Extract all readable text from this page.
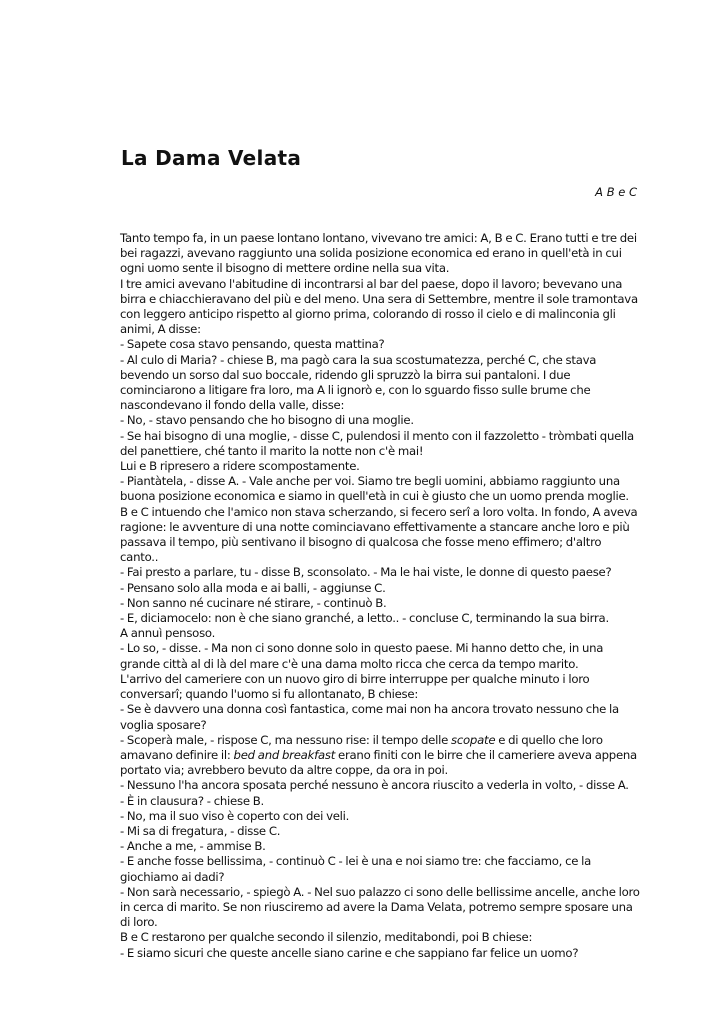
La Dama Velata
A B e C

Tanto tempo fa, in un paese lontano lontano, vivevano tre amici: A, B e C. Erano tutti e tre dei bei ragazzi, avevano raggiunto una solida posizione economica ed erano in quell'età in cui ogni uomo sente il bisogno di mettere ordine nella sua vita.

I tre amici avevano l'abitudine di incontrarsi al bar del paese, dopo il lavoro; bevevano una birra e chiacchieravano del più e del meno. Una sera di Settembre, mentre il sole tramontava con leggero anticipo rispetto al giorno prima, colorando di rosso il cielo e di malinconia gli animi, A disse:

- Sapete cosa stavo pensando, questa mattina?

- Al culo di Maria? - chiese B, ma pagò cara la sua scostumatezza, perché C, che stava bevendo un sorso dal suo boccale, ridendo gli spruzzò la birra sui pantaloni. I due cominciarono a litigare fra loro, ma A li ignorò e, con lo sguardo fisso sulle brume che nascondevano il fondo della valle, disse:

- No, - stavo pensando che ho bisogno di una moglie.

- Se hai bisogno di una moglie, - disse C, pulendosi il mento con il fazzoletto - tròmbati quella del panettiere, ché tanto il marito la notte non c'è mai!

Lui e B ripresero a ridere scompostamente.

- Piantàtela, - disse A. - Vale anche per voi. Siamo tre begli uomini, abbiamo raggiunto una buona posizione economica e siamo in quell'età in cui è giusto che un uomo prenda moglie.

B e C intuendo che l'amico non stava scherzando, si fecero serî a loro volta. In fondo, A aveva ragione: le avventure di una notte cominciavano effettivamente a stancare anche loro e più passava il tempo, più sentivano il bisogno di qualcosa che fosse meno effimero; d'altro canto..

- Fai presto a parlare, tu - disse B, sconsolato. - Ma le hai viste, le donne di questo paese?

- Pensano solo alla moda e ai balli, - aggiunse C.

- Non sanno né cucinare né stirare, - continuò B.

- E, diciamocelo: non è che siano granché, a letto.. - concluse C, terminando la sua birra.

A annuì pensoso.

- Lo so, - disse. - Ma non ci sono donne solo in questo paese. Mi hanno detto che, in una grande città al di là del mare c'è una dama molto ricca che cerca da tempo marito.

L'arrivo del cameriere con un nuovo giro di birre interruppe per qualche minuto i loro conversarî; quando l'uomo si fu allontanato, B chiese:

- Se è davvero una donna così fantastica, come mai non ha ancora trovato nessuno che la voglia sposare?

- Scoperà male, - rispose C, ma nessuno rise: il tempo delle scopate e di quello che loro amavano definire il: bed and breakfast erano finiti con le birre che il cameriere aveva appena portato via; avrebbero bevuto da altre coppe, da ora in poi.

- Nessuno l'ha ancora sposata perché nessuno è ancora riuscito a vederla in volto, - disse A.

- È in clausura? - chiese B.

- No, ma il suo viso è coperto con dei veli.

- Mi sa di fregatura, - disse C.

- Anche a me, - ammise B.

- E anche fosse bellissima, - continuò C - lei è una e noi siamo tre: che facciamo, ce la giochiamo ai dadi?

- Non sarà necessario, - spiegò A. - Nel suo palazzo ci sono delle bellissime ancelle, anche loro in cerca di marito. Se non riusciremo ad avere la Dama Velata, potremo sempre sposare una di loro.

B e C restarono per qualche secondo il silenzio, meditabondi, poi B chiese:

- E siamo sicuri che queste ancelle siano carine e che sappiano far felice un uomo?
